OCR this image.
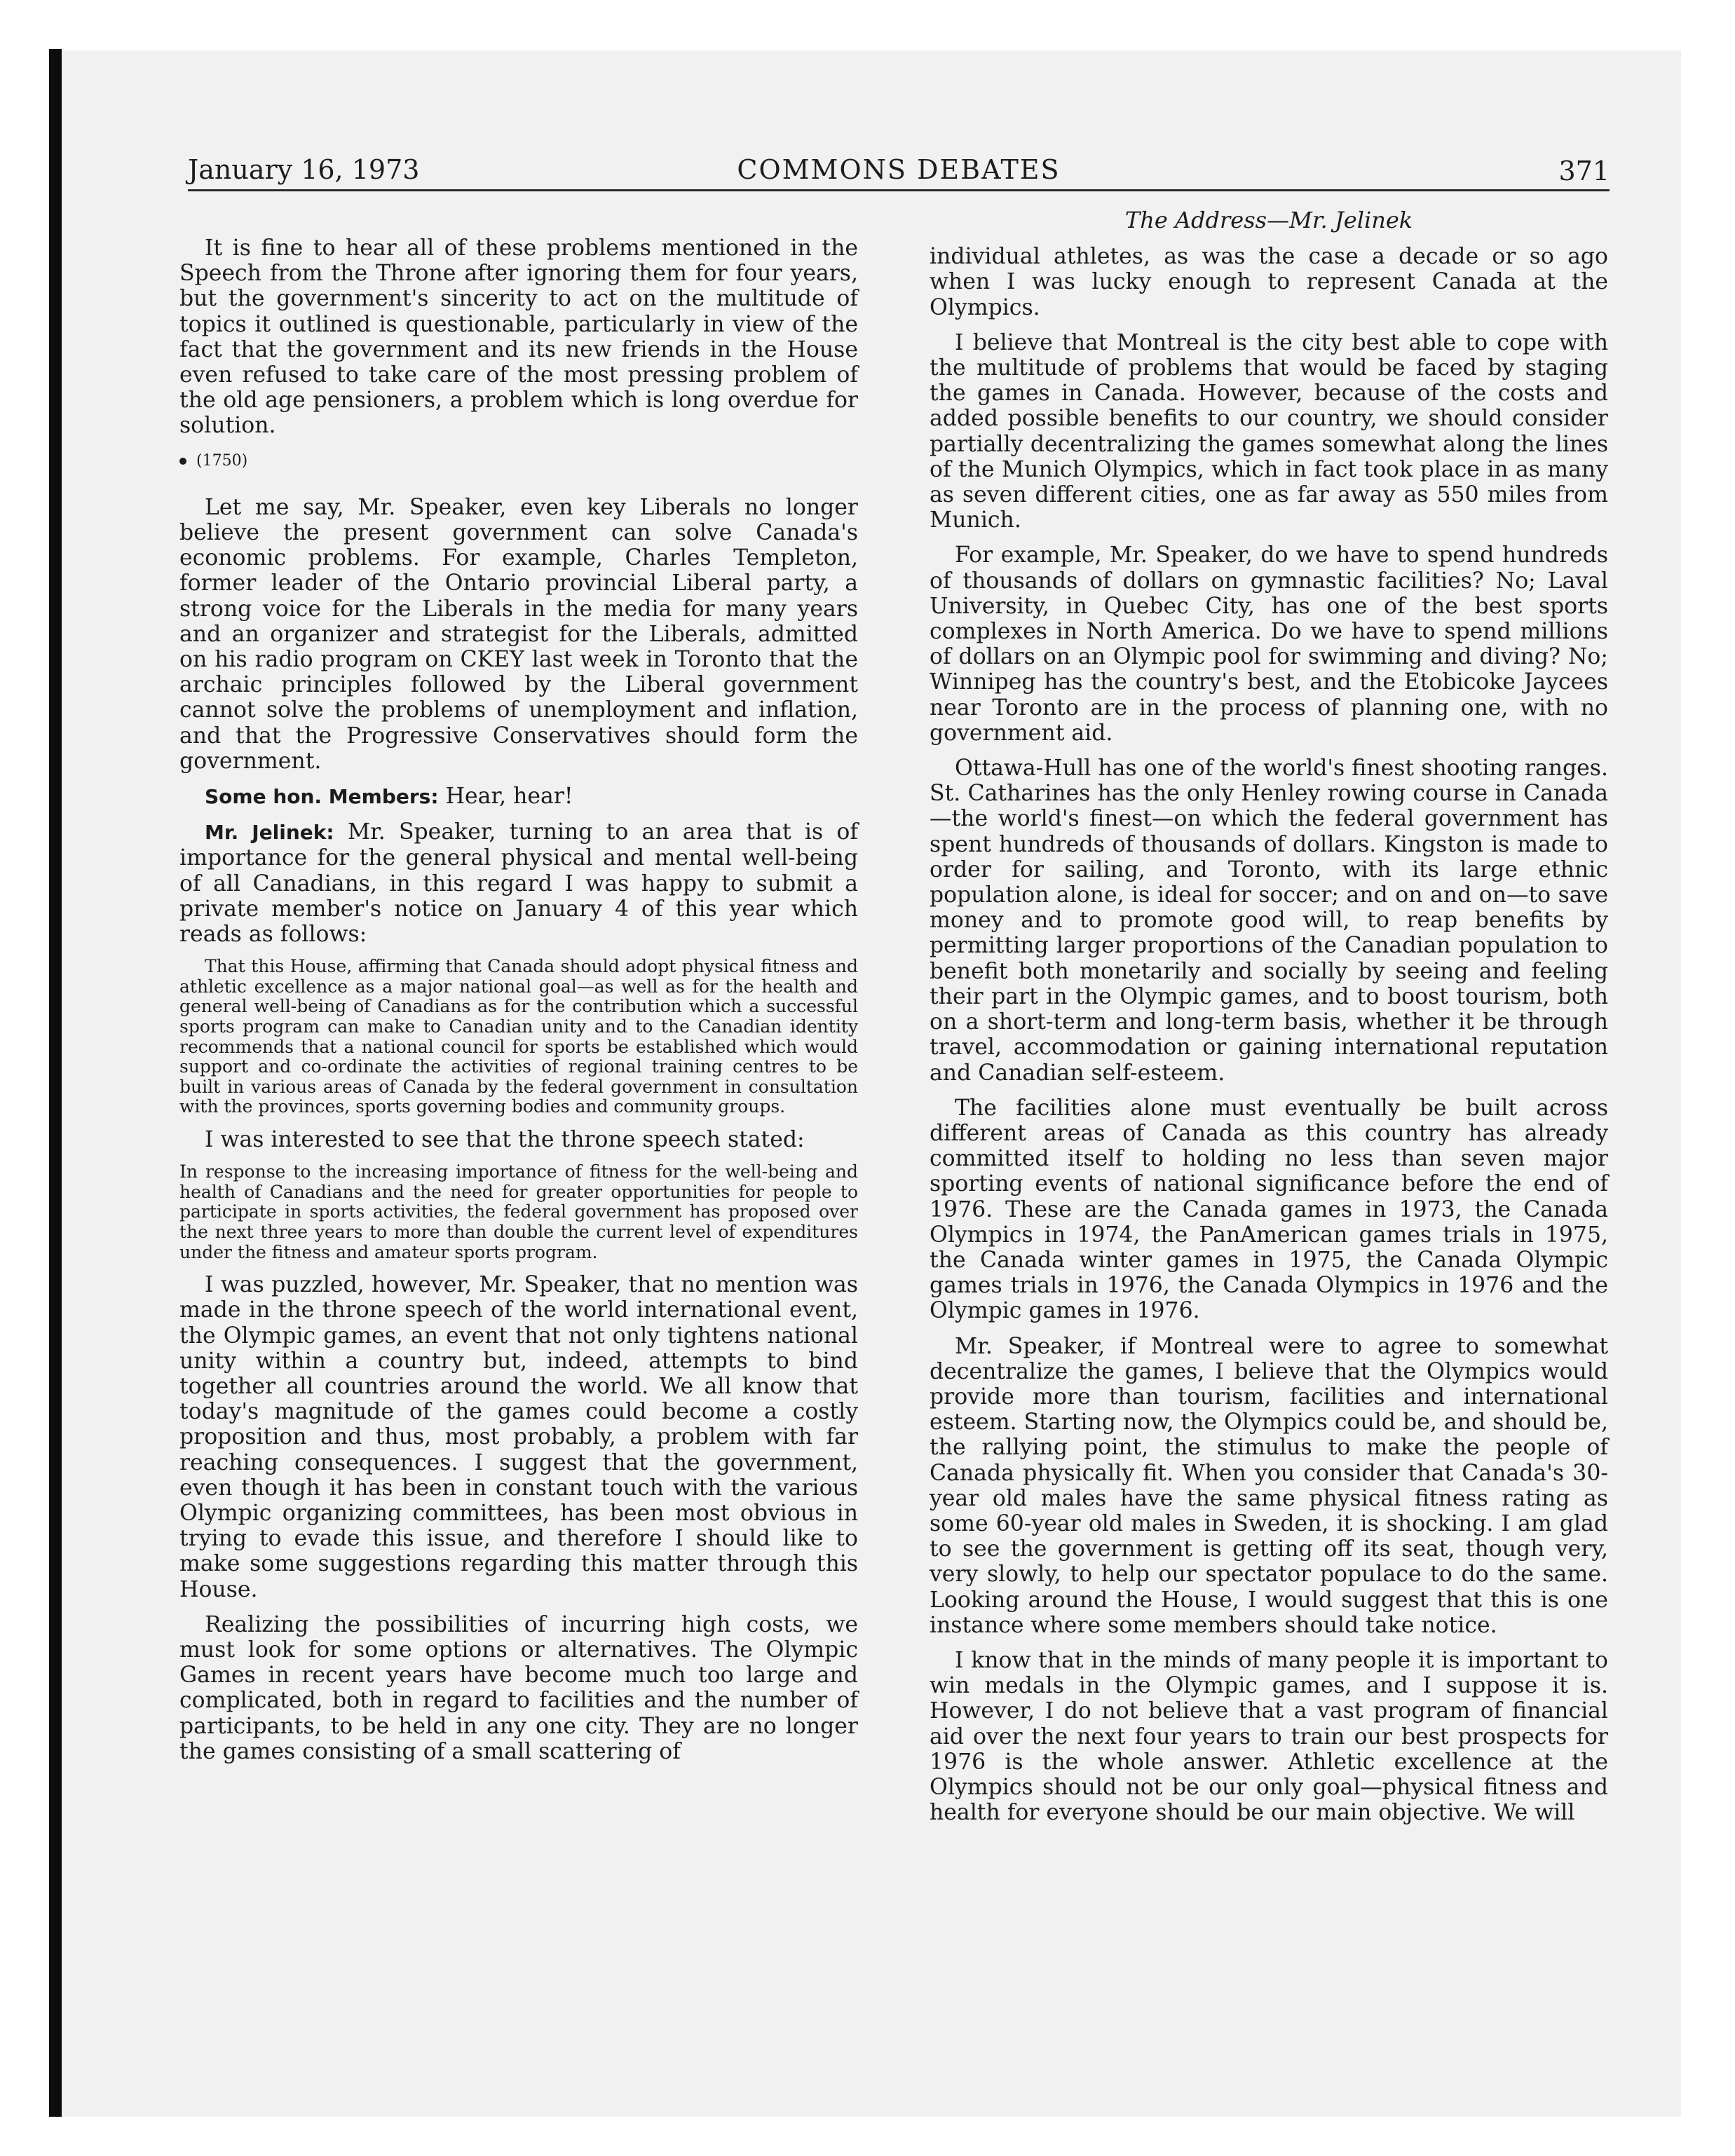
January 16, 1973	COMMONS DEBATES	371

It is fine to hear all of these problems mentioned in the Speech from the Throne after ignoring them for four years, but the government's sincerity to act on the multitude of topics it outlined is questionable, particularly in view of the fact that the government and its new friends in the House even refused to take care of the most pressing problem of the old age pensioners, a problem which is long overdue for solution.

(1750)

Let me say, Mr. Speaker, even key Liberals no longer believe the present government can solve Canada's economic problems. For example, Charles Templeton, former leader of the Ontario provincial Liberal party, a strong voice for the Liberals in the media for many years and an organizer and strategist for the Liberals, admitted on his radio program on CKEY last week in Toronto that the archaic principles followed by the Liberal government cannot solve the problems of unemployment and inflation, and that the Progressive Conservatives should form the government.

Some hon. Members: Hear, hear!

Mr. Jelinek: Mr. Speaker, turning to an area that is of importance for the general physical and mental well-being of all Canadians, in this regard I was happy to submit a private member's notice on January 4 of this year which reads as follows:

That this House, affirming that Canada should adopt physical fitness and athletic excellence as a major national goal—as well as for the health and general well-being of Canadians as for the contribution which a successful sports program can make to Canadian unity and to the Canadian identity recommends that a national council for sports be established which would support and co-ordinate the activities of regional training centres to be built in various areas of Canada by the federal government in consultation with the provinces, sports governing bodies and community groups.

I was interested to see that the throne speech stated:

In response to the increasing importance of fitness for the well-being and health of Canadians and the need for greater opportunities for people to participate in sports activities, the federal government has proposed over the next three years to more than double the current level of expenditures under the fitness and amateur sports program.

I was puzzled, however, Mr. Speaker, that no mention was made in the throne speech of the world international event, the Olympic games, an event that not only tightens national unity within a country but, indeed, attempts to bind together all countries around the world. We all know that today's magnitude of the games could become a costly proposition and thus, most probably, a problem with far reaching consequences. I suggest that the government, even though it has been in constant touch with the various Olympic organizing committees, has been most obvious in trying to evade this issue, and therefore I should like to make some suggestions regarding this matter through this House.

Realizing the possibilities of incurring high costs, we must look for some options or alternatives. The Olympic Games in recent years have become much too large and complicated, both in regard to facilities and the number of participants, to be held in any one city. They are no longer the games consisting of a small scattering of

The Address—Mr. Jelinek

individual athletes, as was the case a decade or so ago when I was lucky enough to represent Canada at the Olympics.

I believe that Montreal is the city best able to cope with the multitude of problems that would be faced by staging the games in Canada. However, because of the costs and added possible benefits to our country, we should consider partially decentralizing the games somewhat along the lines of the Munich Olympics, which in fact took place in as many as seven different cities, one as far away as 550 miles from Munich.

For example, Mr. Speaker, do we have to spend hundreds of thousands of dollars on gymnastic facilities? No; Laval University, in Quebec City, has one of the best sports complexes in North America. Do we have to spend millions of dollars on an Olympic pool for swimming and diving? No; Winnipeg has the country's best, and the Etobicoke Jaycees near Toronto are in the process of planning one, with no government aid.

Ottawa-Hull has one of the world's finest shooting ranges. St. Catharines has the only Henley rowing course in Canada—the world's finest—on which the federal government has spent hundreds of thousands of dollars. Kingston is made to order for sailing, and Toronto, with its large ethnic population alone, is ideal for soccer; and on and on—to save money and to promote good will, to reap benefits by permitting larger proportions of the Canadian population to benefit both monetarily and socially by seeing and feeling their part in the Olympic games, and to boost tourism, both on a short-term and long-term basis, whether it be through travel, accommodation or gaining international reputation and Canadian self-esteem.

The facilities alone must eventually be built across different areas of Canada as this country has already committed itself to holding no less than seven major sporting events of national significance before the end of 1976. These are the Canada games in 1973, the Canada Olympics in 1974, the PanAmerican games trials in 1975, the Canada winter games in 1975, the Canada Olympic games trials in 1976, the Canada Olympics in 1976 and the Olympic games in 1976.

Mr. Speaker, if Montreal were to agree to somewhat decentralize the games, I believe that the Olympics would provide more than tourism, facilities and international esteem. Starting now, the Olympics could be, and should be, the rallying point, the stimulus to make the people of Canada physically fit. When you consider that Canada's 30-year old males have the same physical fitness rating as some 60-year old males in Sweden, it is shocking. I am glad to see the government is getting off its seat, though very, very slowly, to help our spectator populace to do the same. Looking around the House, I would suggest that this is one instance where some members should take notice.

I know that in the minds of many people it is important to win medals in the Olympic games, and I suppose it is. However, I do not believe that a vast program of financial aid over the next four years to train our best prospects for 1976 is the whole answer. Athletic excellence at the Olympics should not be our only goal—physical fitness and health for everyone should be our main objective. We will
